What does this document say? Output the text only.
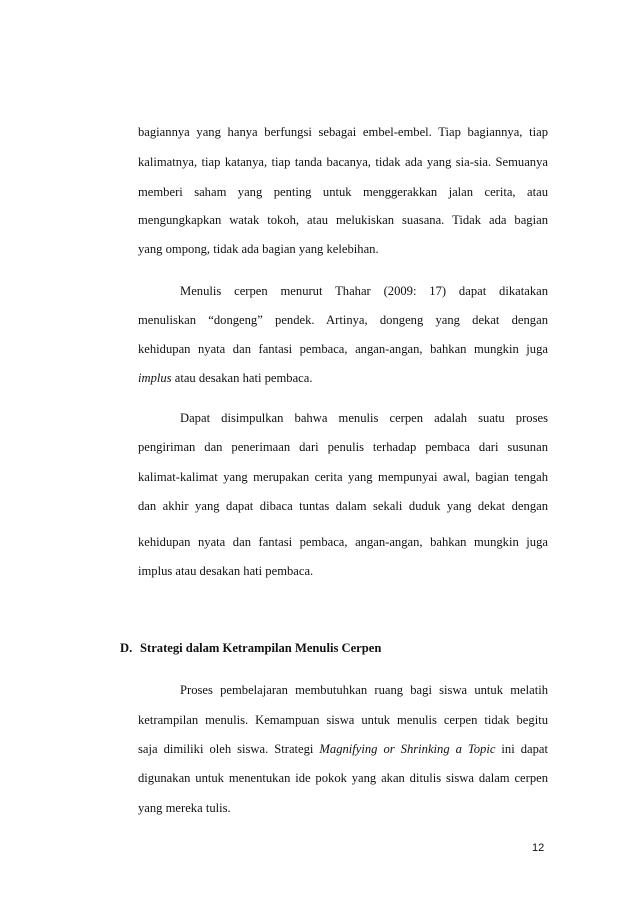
bagiannya yang hanya berfungsi sebagai embel-embel. Tiap bagiannya, tiap

kalimatnya, tiap katanya, tiap tanda bacanya, tidak ada yang sia-sia. Semuanya

memberi saham yang penting untuk menggerakkan jalan cerita, atau

mengungkapkan watak tokoh, atau melukiskan suasana. Tidak ada bagian

yang ompong, tidak ada bagian yang kelebihan.

Menulis cerpen menurut Thahar (2009: 17) dapat dikatakan

menuliskan “dongeng” pendek. Artinya, dongeng yang dekat dengan

kehidupan nyata dan fantasi pembaca, angan-angan, bahkan mungkin juga

implus atau desakan hati pembaca.

Dapat disimpulkan bahwa menulis cerpen adalah suatu proses

pengiriman dan penerimaan dari penulis terhadap pembaca dari susunan

kalimat-kalimat yang merupakan cerita yang mempunyai awal, bagian tengah

dan akhir yang dapat dibaca tuntas dalam sekali duduk yang dekat dengan

kehidupan nyata dan fantasi pembaca, angan-angan, bahkan mungkin juga

implus atau desakan hati pembaca.

D. Strategi dalam Ketrampilan Menulis Cerpen

Proses pembelajaran membutuhkan ruang bagi siswa untuk melatih

ketrampilan menulis. Kemampuan siswa untuk menulis cerpen tidak begitu

saja dimiliki oleh siswa. Strategi Magnifying or Shrinking a Topic ini dapat

digunakan untuk menentukan ide pokok yang akan ditulis siswa dalam cerpen

yang mereka tulis.

12
